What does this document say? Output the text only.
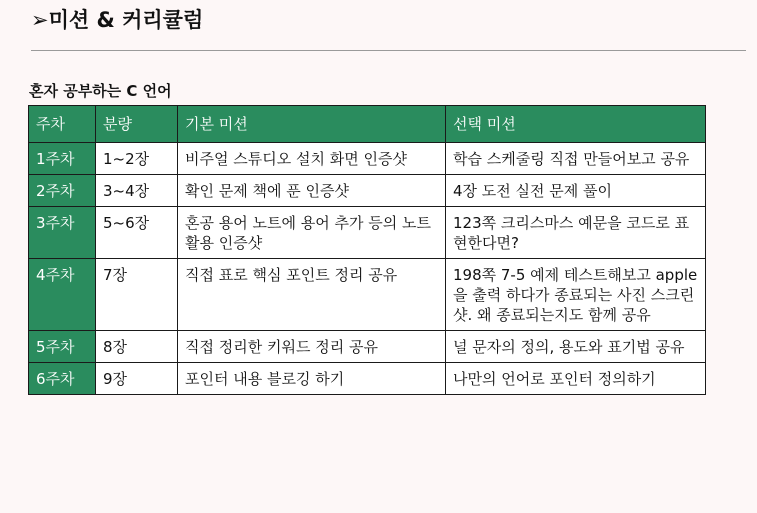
➢미션 & 커리큘럼
혼자 공부하는 C 언어
주차	분량	기본 미션	선택 미션
1주차	1~2장	비주얼 스튜디오 설치 화면 인증샷	학습 스케줄링 직접 만들어보고 공유
2주차	3~4장	확인 문제 책에 푼 인증샷	4장 도전 실전 문제 풀이
3주차	5~6장	혼공 용어 노트에 용어 추가 등의 노트 활용 인증샷	123쪽 크리스마스 예문을 코드로 표현한다면?
4주차	7장	직접 표로 핵심 포인트 정리 공유	198쪽 7-5 예제 테스트해보고 apple을 출력 하다가 종료되는 사진 스크린샷. 왜 종료되는지도 함께 공유
5주차	8장	직접 정리한 키워드 정리 공유	널 문자의 정의, 용도와 표기법 공유
6주차	9장	포인터 내용 블로깅 하기	나만의 언어로 포인터 정의하기
